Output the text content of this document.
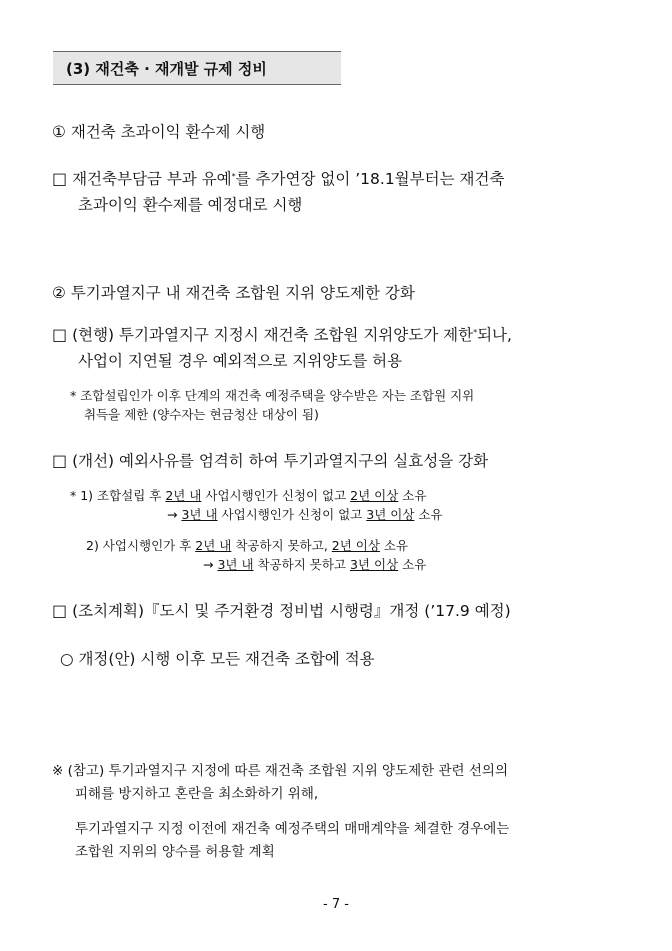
(3) 재건축 · 재개발 규제 정비
① 재건축 초과이익 환수제 시행
□ 재건축부담금 부과 유예*를 추가연장 없이 ’18.1월부터는 재건축
초과이익 환수제를 예정대로 시행
② 투기과열지구 내 재건축 조합원 지위 양도제한 강화
□ (현행) 투기과열지구 지정시 재건축 조합원 지위양도가 제한*되나,
사업이 지연될 경우 예외적으로 지위양도를 허용
* 조합설립인가 이후 단계의 재건축 예정주택을 양수받은 자는 조합원 지위
취득을 제한 (양수자는 현금청산 대상이 됨)
□ (개선) 예외사유를 엄격히 하여 투기과열지구의 실효성을 강화
* 1) 조합설립 후 2년 내 사업시행인가 신청이 없고 2년 이상 소유
→ 3년 내 사업시행인가 신청이 없고 3년 이상 소유
2) 사업시행인가 후 2년 내 착공하지 못하고, 2년 이상 소유
→ 3년 내 착공하지 못하고 3년 이상 소유
□ (조치계획)『도시 및 주거환경 정비법 시행령』개정 (’17.9 예정)
○ 개정(안) 시행 이후 모든 재건축 조합에 적용
※ (참고) 투기과열지구 지정에 따른 재건축 조합원 지위 양도제한 관련 선의의
피해를 방지하고 혼란을 최소화하기 위해,
투기과열지구 지정 이전에 재건축 예정주택의 매매계약을 체결한 경우에는
조합원 지위의 양수를 허용할 계획
- 7 -
